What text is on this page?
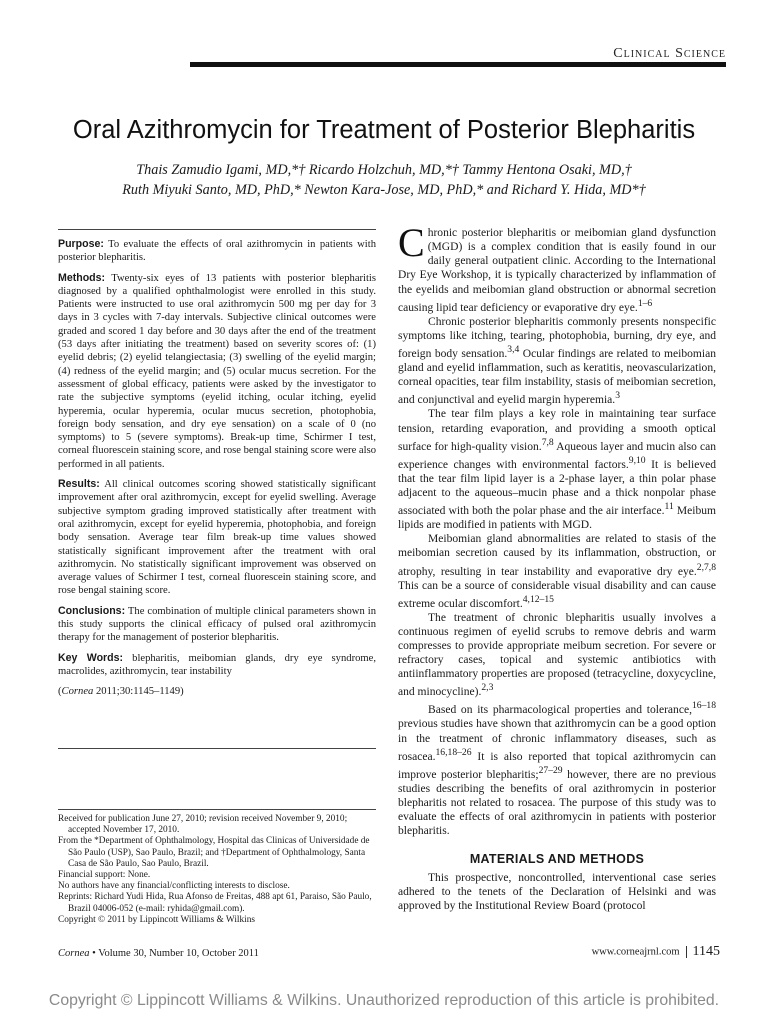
Clinical Science
Oral Azithromycin for Treatment of Posterior Blepharitis
Thais Zamudio Igami, MD,*† Ricardo Holzchuh, MD,*† Tammy Hentona Osaki, MD,†
Ruth Miyuki Santo, MD, PhD,* Newton Kara-Jose, MD, PhD,* and Richard Y. Hida, MD*†

Purpose: To evaluate the effects of oral azithromycin in patients with posterior blepharitis.

Methods: Twenty-six eyes of 13 patients with posterior blepharitis diagnosed by a qualified ophthalmologist were enrolled in this study. Patients were instructed to use oral azithromycin 500 mg per day for 3 days in 3 cycles with 7-day intervals. Subjective clinical outcomes were graded and scored 1 day before and 30 days after the end of the treatment (53 days after initiating the treatment) based on severity scores of: (1) eyelid debris; (2) eyelid telangiectasia; (3) swelling of the eyelid margin; (4) redness of the eyelid margin; and (5) ocular mucus secretion. For the assessment of global efficacy, patients were asked by the investigator to rate the subjective symptoms (eyelid itching, ocular itching, eyelid hyperemia, ocular hyperemia, ocular mucus secretion, photophobia, foreign body sensation, and dry eye sensation) on a scale of 0 (no symptoms) to 5 (severe symptoms). Break-up time, Schirmer I test, corneal fluorescein staining score, and rose bengal staining score were also performed in all patients.

Results: All clinical outcomes scoring showed statistically significant improvement after oral azithromycin, except for eyelid swelling. Average subjective symptom grading improved statistically after treatment with oral azithromycin, except for eyelid hyperemia, photophobia, and foreign body sensation. Average tear film break-up time values showed statistically significant improvement after the treatment with oral azithromycin. No statistically significant improvement was observed on average values of Schirmer I test, corneal fluorescein staining score, and rose bengal staining score.

Conclusions: The combination of multiple clinical parameters shown in this study supports the clinical efficacy of pulsed oral azithromycin therapy for the management of posterior blepharitis.

Key Words: blepharitis, meibomian glands, dry eye syndrome, macrolides, azithromycin, tear instability

(Cornea 2011;30:1145–1149)

Received for publication June 27, 2010; revision received November 9, 2010; accepted November 17, 2010.
From the *Department of Ophthalmology, Hospital das Clinicas of Universidade de São Paulo (USP), Sao Paulo, Brazil; and †Department of Ophthalmology, Santa Casa de São Paulo, Sao Paulo, Brazil.
Financial support: None.
No authors have any financial/conflicting interests to disclose.
Reprints: Richard Yudi Hida, Rua Afonso de Freitas, 488 apt 61, Paraiso, São Paulo, Brazil 04006-052 (e-mail: ryhida@gmail.com).
Copyright © 2011 by Lippincott Williams & Wilkins

Chronic posterior blepharitis or meibomian gland dysfunction (MGD) is a complex condition that is easily found in our daily general outpatient clinic. According to the International Dry Eye Workshop, it is typically characterized by inflammation of the eyelids and meibomian gland obstruction or abnormal secretion causing lipid tear deficiency or evaporative dry eye.$^{1-6}$

Chronic posterior blepharitis commonly presents nonspecific symptoms like itching, tearing, photophobia, burning, dry eye, and foreign body sensation.$^{3,4}$ Ocular findings are related to meibomian gland and eyelid inflammation, such as keratitis, neovascularization, corneal opacities, tear film instability, stasis of meibomian secretion, and conjunctival and eyelid margin hyperemia.$^3$

The tear film plays a key role in maintaining tear surface tension, retarding evaporation, and providing a smooth optical surface for high-quality vision.$^{7,8}$ Aqueous layer and mucin also can experience changes with environmental factors.$^{9,10}$ It is believed that the tear film lipid layer is a 2-phase layer, a thin polar phase adjacent to the aqueous–mucin phase and a thick nonpolar phase associated with both the polar phase and the air interface.$^{11}$ Meibum lipids are modified in patients with MGD.

Meibomian gland abnormalities are related to stasis of the meibomian secretion caused by its inflammation, obstruction, or atrophy, resulting in tear instability and evaporative dry eye.$^{2,7,8}$ This can be a source of considerable visual disability and can cause extreme ocular discomfort.$^{4,12-15}$

The treatment of chronic blepharitis usually involves a continuous regimen of eyelid scrubs to remove debris and warm compresses to provide appropriate meibum secretion. For severe or refractory cases, topical and systemic antibiotics with antiinflammatory properties are proposed (tetracycline, doxycycline, and minocycline).$^{2,3}$

Based on its pharmacological properties and tolerance,$^{16-18}$ previous studies have shown that azithromycin can be a good option in the treatment of chronic inflammatory diseases, such as rosacea.$^{16,18-26}$ It is also reported that topical azithromycin can improve posterior blepharitis;$^{27-29}$ however, there are no previous studies describing the benefits of oral azithromycin in posterior blepharitis not related to rosacea. The purpose of this study was to evaluate the effects of oral azithromycin in patients with posterior blepharitis.

MATERIALS AND METHODS

This prospective, noncontrolled, interventional case series adhered to the tenets of the Declaration of Helsinki and was approved by the Institutional Review Board (protocol

Cornea • Volume 30, Number 10, October 2011	www.corneajrnl.com 1145
Copyright © Lippincott Williams & Wilkins. Unauthorized reproduction of this article is prohibited.
